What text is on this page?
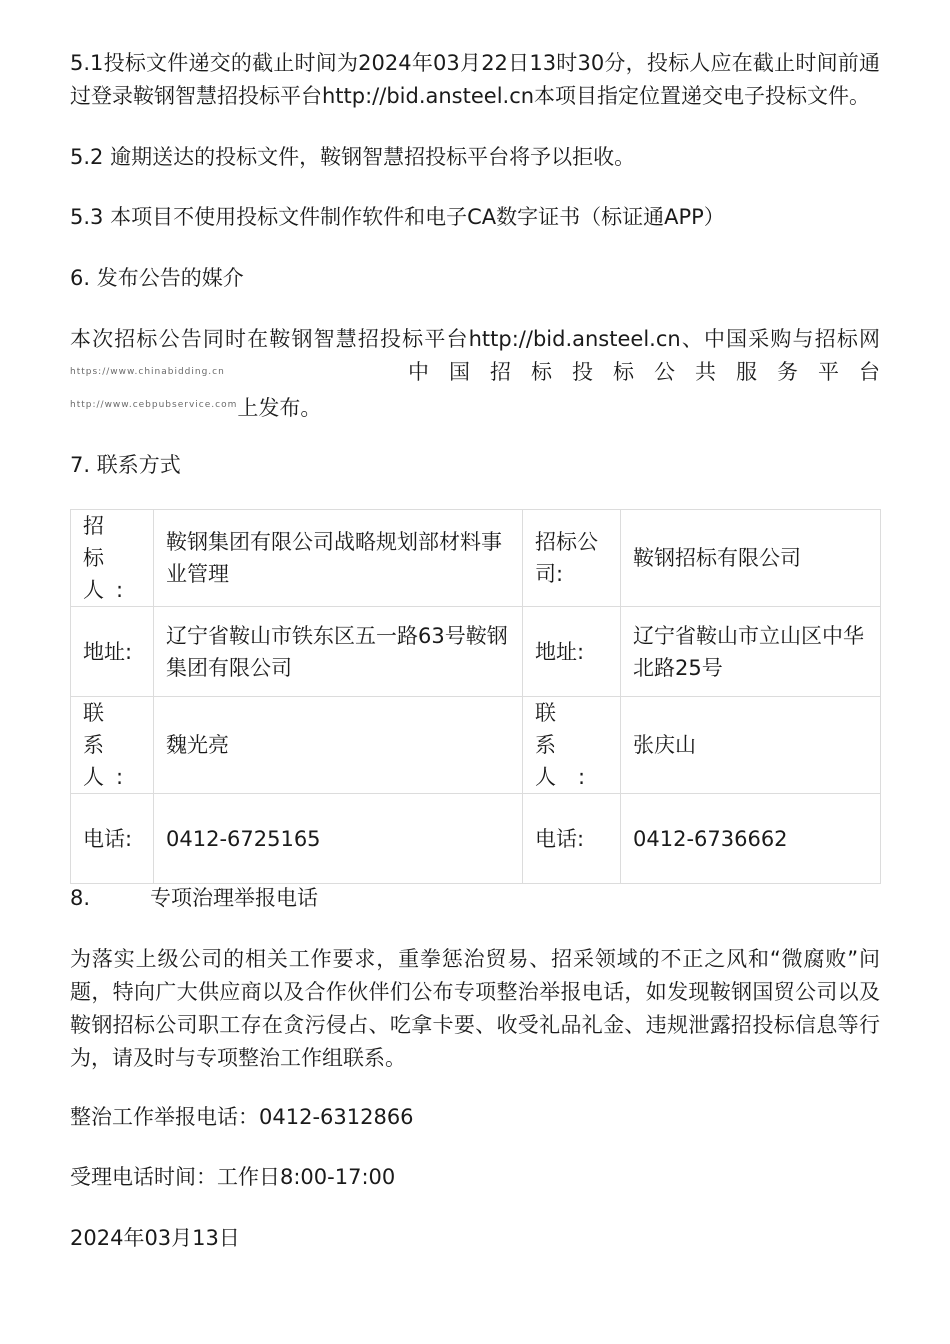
5.1投标文件递交的截止时间为2024年03月22日13时30分，投标人应在截止时间前通

过登录鞍钢智慧招投标平台http://bid.ansteel.cn本项目指定位置递交电子投标文件。

5.2 逾期送达的投标文件，鞍钢智慧招投标平台将予以拒收。

5.3 本项目不使用投标文件制作软件和电子CA数字证书（标证通APP）

6. 发布公告的媒介

本次招标公告同时在鞍钢智慧招投标平台http://bid.ansteel.cn、中国采购与招标网

https://www.chinabidding.cn	中国招标投标公共服务平台

$^{http://www.cebpubservice.com}$上发布。

7. 联系方式

招标人:	鞍钢集团有限公司战略规划部材料事业管理	招标公司:	鞍钢招标有限公司
地址:	辽宁省鞍山市铁东区五一路63号鞍钢集团有限公司	地址:	辽宁省鞍山市立山区中华北路25号
联系人:	魏光亮	联系人:	张庆山
电话:	0412-6725165	电话:	0412-6736662

8.	专项治理举报电话

为落实上级公司的相关工作要求，重拳惩治贸易、招采领域的不正之风和“微腐败”问

题，特向广大供应商以及合作伙伴们公布专项整治举报电话，如发现鞍钢国贸公司以及

鞍钢招标公司职工存在贪污侵占、吃拿卡要、收受礼品礼金、违规泄露招投标信息等行

为，请及时与专项整治工作组联系。

整治工作举报电话：0412-6312866

受理电话时间：工作日8:00-17:00

2024年03月13日
